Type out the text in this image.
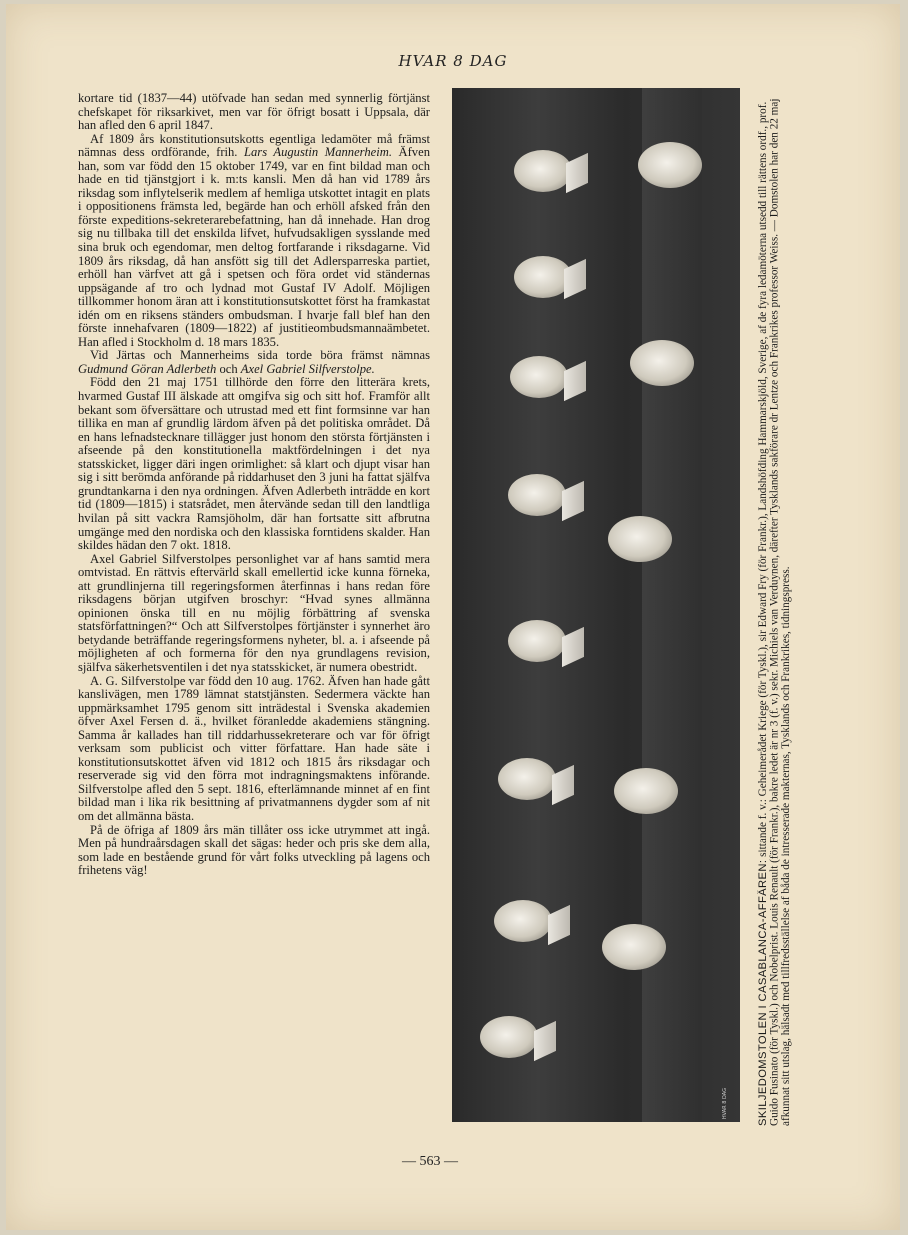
HVAR 8 DAG

kortare tid (1837—44) utöfvade han sedan med synnerlig förtjänst chefskapet för riksarkivet, men var för öfrigt bosatt i Uppsala, där han afled den 6 april 1847.

Af 1809 års konstitutionsutskotts egentliga ledamöter må främst nämnas dess ordförande, frih. Lars Augustin Mannerheim. Äfven han, som var född den 15 oktober 1749, var en fint bildad man och hade en tid tjänstgjort i k. m:ts kansli. Men då han vid 1789 års riksdag som inflytelserik medlem af hemliga utskottet intagit en plats i oppositionens främsta led, begärde han och erhöll afsked från den förste expeditions-sekreterarebefattning, han då innehade. Han drog sig nu tillbaka till det enskilda lifvet, hufvudsakligen sysslande med sina bruk och egendomar, men deltog fortfarande i riksdagarne. Vid 1809 års riksdag, då han ansfött sig till det Adlersparreska partiet, erhöll han värfvet att gå i spetsen och föra ordet vid ständernas uppsägande af tro och lydnad mot Gustaf IV Adolf. Möjligen tillkommer honom äran att i konstitutionsutskottet först ha framkastat idén om en riksens ständers ombudsman. I hvarje fall blef han den förste innehafvaren (1809—1822) af justitieombudsmannaämbetet. Han afled i Stockholm d. 18 mars 1835.

Vid Järtas och Mannerheims sida torde böra främst nämnas Gudmund Göran Adlerbeth och Axel Gabriel Silfverstolpe.

Född den 21 maj 1751 tillhörde den förre den litterära krets, hvarmed Gustaf III älskade att omgifva sig och sitt hof. Framför allt bekant som öfversättare och utrustad med ett fint formsinne var han tillika en man af grundlig lärdom äfven på det politiska området. Då en hans lefnadstecknare tillägger just honom den största förtjänsten i afseende på den konstitutionella maktfördelningen i det nya statsskicket, ligger däri ingen orimlighet: så klart och djupt visar han sig i sitt berömda anförande på riddarhuset den 3 juni ha fattat själfva grundtankarna i den nya ordningen. Äfven Adlerbeth inträdde en kort tid (1809—1815) i statsrådet, men återvände sedan till den landtliga hvilan på sitt vackra Ramsjöholm, där han fortsatte sitt afbrutna umgänge med den nordiska och den klassiska forntidens skalder. Han skildes hädan den 7 okt. 1818.

Axel Gabriel Silfverstolpes personlighet var af hans samtid mera omtvistad. En rättvis eftervärld skall emellertid icke kunna förneka, att grundlinjerna till regeringsformen återfinnas i hans redan före riksdagens början utgifven broschyr: “Hvad synes allmänna opinionen önska till en nu möjlig förbättring af svenska statsförfattningen?“ Och att Silfverstolpes förtjänster i synnerhet äro betydande beträffande regeringsformens nyheter, bl. a. i afseende på möjligheten af och formerna för den nya grundlagens revision, själfva säkerhetsventilen i det nya statsskicket, är numera obestridt.

A. G. Silfverstolpe var född den 10 aug. 1762. Äfven han hade gått kanslivägen, men 1789 lämnat statstjänsten. Sedermera väckte han uppmärksamhet 1795 genom sitt inträdestal i Svenska akademien öfver Axel Fersen d. ä., hvilket föranledde akademiens stängning. Samma år kallades han till riddarhussekreterare och var för öfrigt verksam som publicist och vitter författare. Han hade säte i konstitutionsutskottet äfven vid 1812 och 1815 års riksdagar och reserverade sig vid den förra mot indragningsmaktens införande. Silfverstolpe afled den 5 sept. 1816, efterlämnande minnet af en fint bildad man i lika rik besittning af privatmannens dygder som af nit om det allmänna bästa.

På de öfriga af 1809 års män tillåter oss icke utrymmet att ingå. Men på hundraårsdagen skall det sägas: heder och pris ske dem alla, som lade en bestående grund för vårt folks utveckling på lagens och frihetens väg!

HVAR 8 DAG	SKILJEDOMSTOLEN I CASABLANCA-AFFÄREN: sittande f. v.: Geheimerådet Kriege (för Tyskl.), sir Edward Fry (för Frankr.), Landshöfding Hammarskjöld, Sverige, af de fyra ledamöterna utsedd till rättens ordf., prof. Guido Fusinato (för Tyskl.) och Nobelprist. Louis Renault (för Frankr.), bakre ledet är nr 3 (f. v.) sekr. Michiels van Verduynen, därefter Tysklands sakförare dr Lentze och Frankrikes professor Weiss. — Domstolen har den 22 maj afkunnat sitt utslag, hälsadt med tillfredsställelse af båda de intresserade makternas, Tysklands och Frankrikes, tidningspress.
— 563 —
